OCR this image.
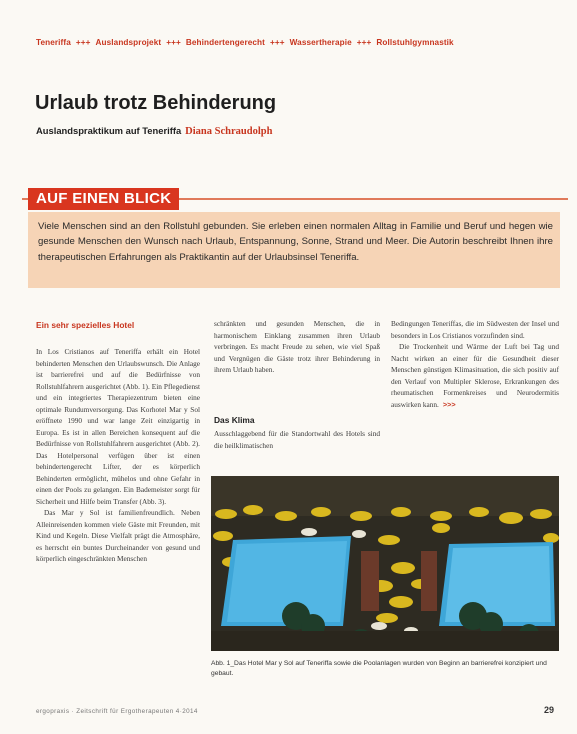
Teneriffa +++ Auslandsprojekt +++ Behindertengerecht +++ Wassertherapie +++ Rollstuhlgymnastik
Urlaub trotz Behinderung
Auslandspraktikum auf Teneriffa Diana Schraudolph
AUF EINEN BLICK
Viele Menschen sind an den Rollstuhl gebunden. Sie erleben einen normalen Alltag in Familie und Beruf und hegen wie gesunde Menschen den Wunsch nach Urlaub, Entspannung, Sonne, Strand und Meer. Die Autorin beschreibt Ihnen ihre therapeutischen Erfahrungen als Praktikantin auf der Urlaubsinsel Teneriffa.
Ein sehr spezielles Hotel

In Los Cristianos auf Teneriffa erhält ein Hotel behinderten Menschen den Urlaubswunsch. Die Anlage ist barrierefrei und auf die Bedürfnisse von Rollstuhlfahrern ausgerichtet (Abb. 1). Ein Pflegedienst und ein integriertes Therapiezentrum bieten eine optimale Rundumversorgung. Das Korhotel Mar y Sol eröffnete 1990 und war lange Zeit einzigartig in Europa. Es ist in allen Bereichen konsequent auf die Bedürfnisse von Rollstuhlfahrern ausgerichtet (Abb. 2). Das Hotelpersonal verfügen über ist einen behindertengerecht Lifter, der es körperlich Behinderten ermöglicht, mühelos und ohne Gefahr in einen der Pools zu gelangen. Ein Bademeister sorgt für Sicherheit und Hilfe beim Transfer (Abb. 3).

Das Mar y Sol ist familienfreundlich. Neben Alleinreisenden kommen viele Gäste mit Freunden, mit Kind und Kegeln. Diese Vielfalt prägt die Atmosphäre, es herrscht ein buntes Durcheinander von gesund und körperlich eingeschränkten Menschen

schränkten und gesunden Menschen, die in harmonischem Einklang zusammen ihren Urlaub verbringen. Es macht Freude zu sehen, wie viel Spaß und Vergnügen die Gäste trotz ihrer Behinderung in ihrem Urlaub haben.

Das Klima

Ausschlaggebend für die Standortwahl des Hotels sind die heilklimatischen

Bedingungen Teneriffas, die im Südwesten der Insel und besonders in Los Cristianos vorzufinden sind.

Die Trockenheit und Wärme der Luft bei Tag und Nacht wirken an einer für die Gesundheit dieser Menschen günstigen Klimasituation, die sich positiv auf den Verlauf von Multipler Sklerose, Erkrankungen des rheumatischen Formenkreises und Neurodermitis auswirken kann. >>>

Abb. 1_Das Hotel Mar y Sol auf Teneriffa sowie die Poolanlagen wurden von Beginn an barrierefrei konzipiert und gebaut.
ergopraxis · Zeitschrift für Ergotherapeuten 4·2014	29
